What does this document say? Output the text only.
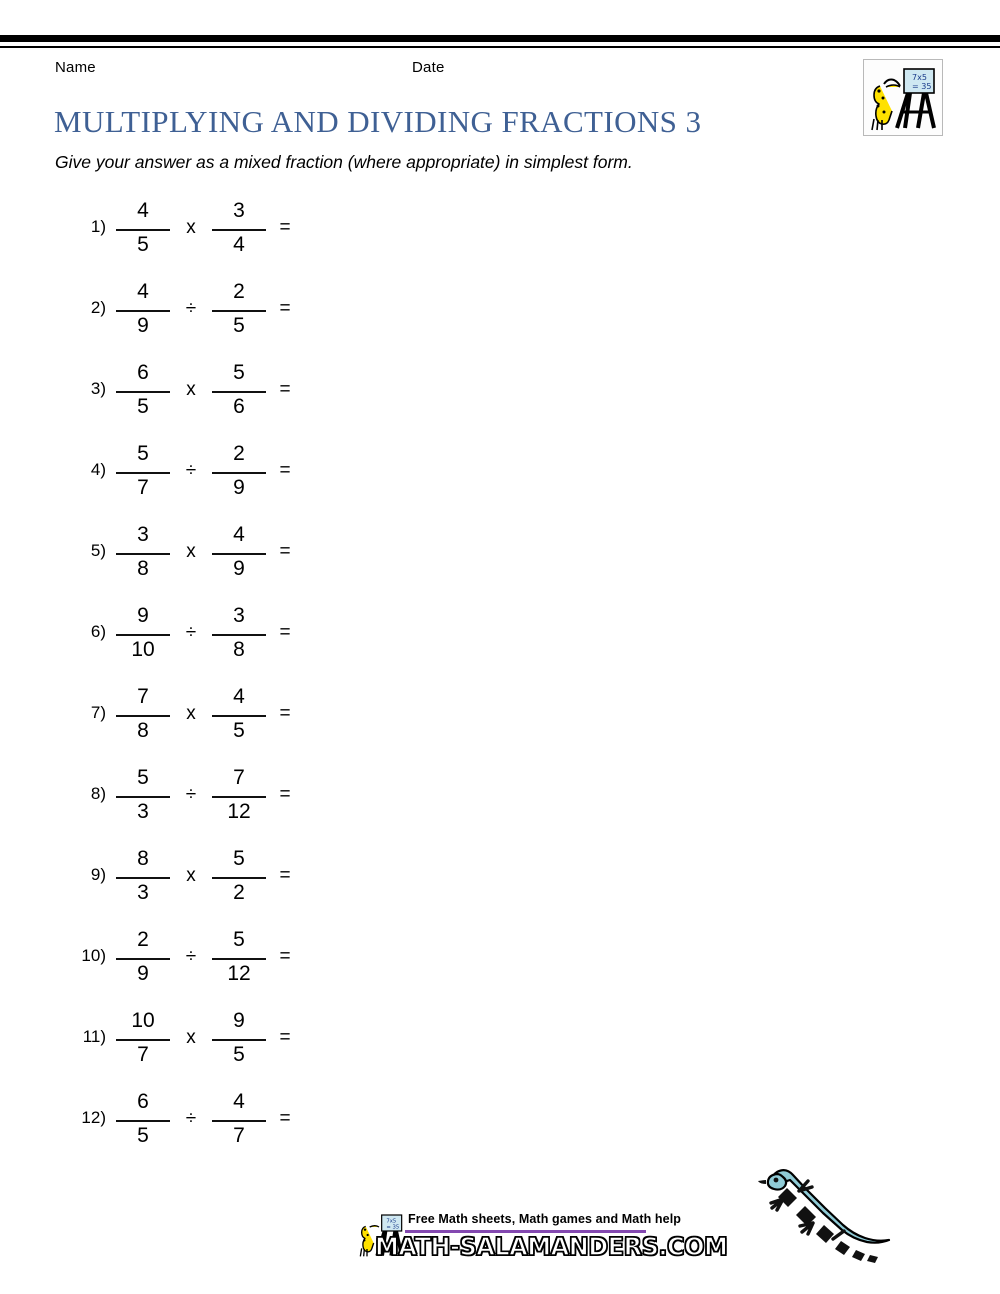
Name	Date
7x5
= 35
MULTIPLYING AND DIVIDING FRACTIONS 3
Give your answer as a mixed fraction (where appropriate) in simplest form.
1)
4
5
x
3
4
=
2)
4
9
÷
2
5
=
3)
6
5
x
5
6
=
4)
5
7
÷
2
9
=
5)
3
8
x
4
9
=
6)
9
10
÷
3
8
=
7)
7
8
x
4
5
=
8)
5
3
÷
7
12
=
9)
8
3
x
5
2
=
10)
2
9
÷
5
12
=
11)
10
7
x
9
5
=
12)
6
5
÷
4
7
=
7x5
= 35
Free Math sheets, Math games and Math help
MATH-SALAMANDERS.COM
